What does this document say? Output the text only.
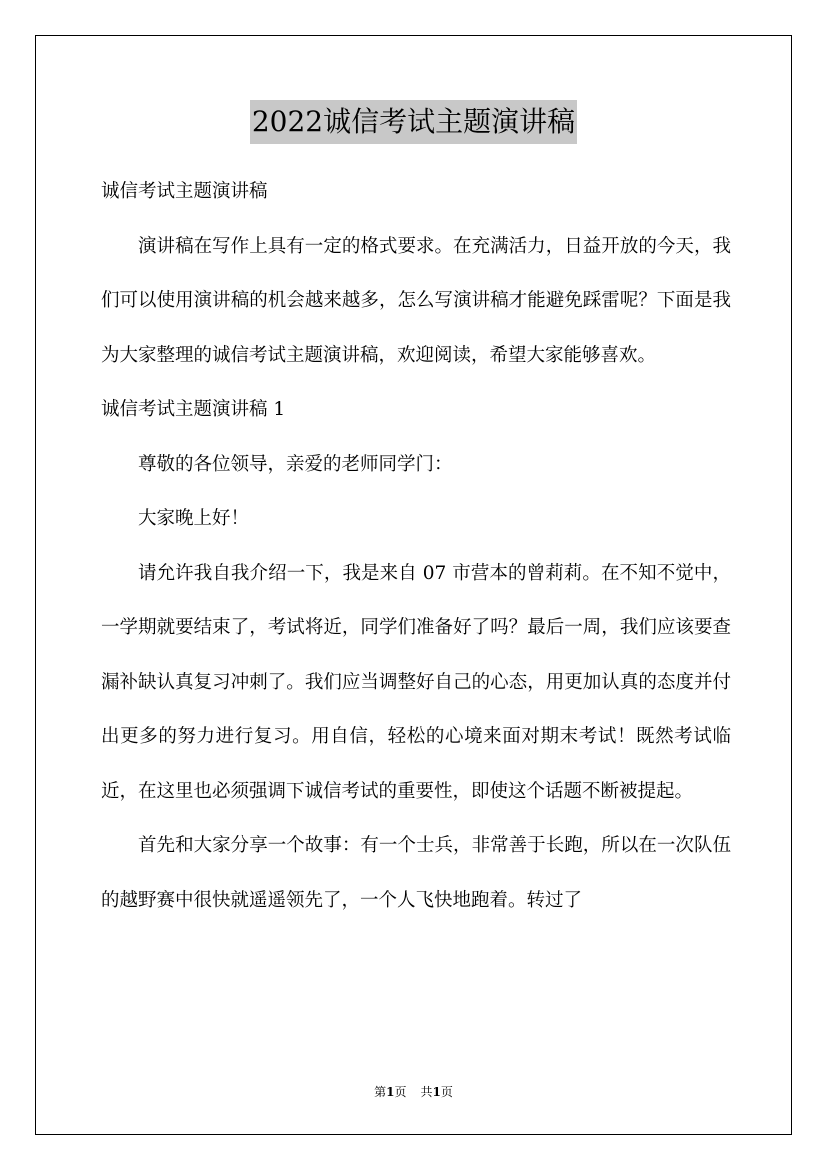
2022诚信考试主题演讲稿

诚信考试主题演讲稿

演讲稿在写作上具有一定的格式要求。在充满活力，日益开放的今天，我们可以使用演讲稿的机会越来越多，怎么写演讲稿才能避免踩雷呢？下面是我为大家整理的诚信考试主题演讲稿，欢迎阅读，希望大家能够喜欢。

诚信考试主题演讲稿 1

尊敬的各位领导，亲爱的老师同学门：

大家晚上好！

请允许我自我介绍一下，我是来自 07 市营本的曾莉莉。在不知不觉中，一学期就要结束了，考试将近，同学们准备好了吗？最后一周，我们应该要查漏补缺认真复习冲刺了。我们应当调整好自己的心态，用更加认真的态度并付出更多的努力进行复习。用自信，轻松的心境来面对期末考试！既然考试临近，在这里也必须强调下诚信考试的重要性，即使这个话题不断被提起。

首先和大家分享一个故事：有一个士兵，非常善于长跑，所以在一次队伍的越野赛中很快就遥遥领先了，一个人飞快地跑着。转过了

第1页 共1页
